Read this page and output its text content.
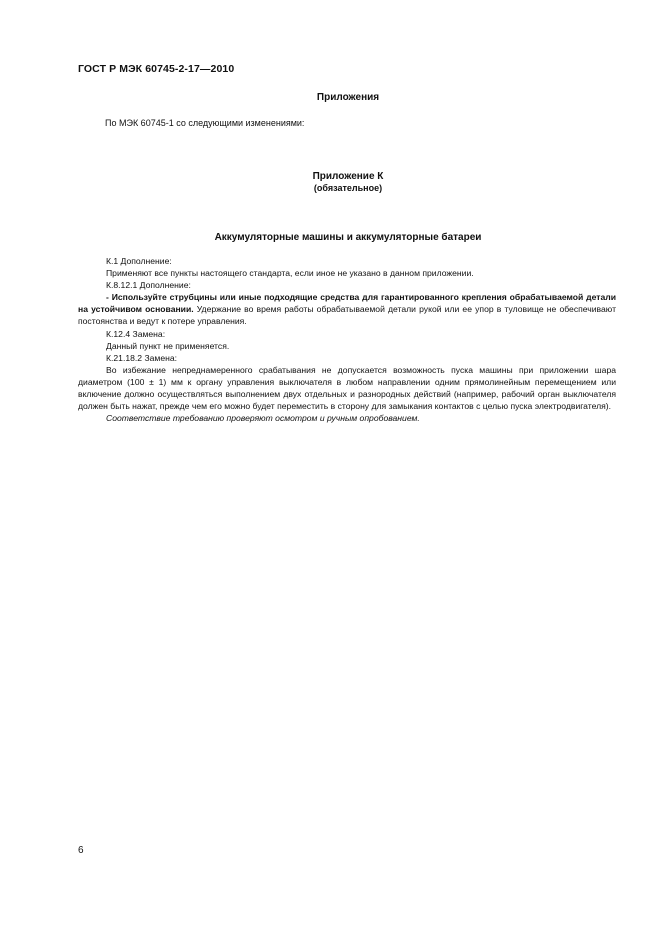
ГОСТ Р МЭК 60745-2-17—2010
Приложения
По МЭК 60745-1 со следующими изменениями:
Приложение К
(обязательное)
Аккумуляторные машины и аккумуляторные батареи

К.1 Дополнение:

Применяют все пункты настоящего стандарта, если иное не указано в данном приложении.

К.8.12.1 Дополнение:

- Используйте струбцины или иные подходящие средства для гарантированного крепления обрабатываемой детали на устойчивом основании. Удержание во время работы обрабатываемой детали рукой или ее упор в туловище не обеспечивают постоянства и ведут к потере управления.

К.12.4 Замена:

Данный пункт не применяется.

К.21.18.2 Замена:

Во избежание непреднамеренного срабатывания не допускается возможность пуска машины при приложении шара диаметром (100 ± 1) мм к органу управления выключателя в любом направлении одним прямолинейным перемещением или включение должно осуществляться выполнением двух отдельных и разнородных действий (например, рабочий орган выключателя должен быть нажат, прежде чем его можно будет переместить в сторону для замыкания контактов с целью пуска электродвигателя).

Соответствие требованию проверяют осмотром и ручным опробованием.

6
